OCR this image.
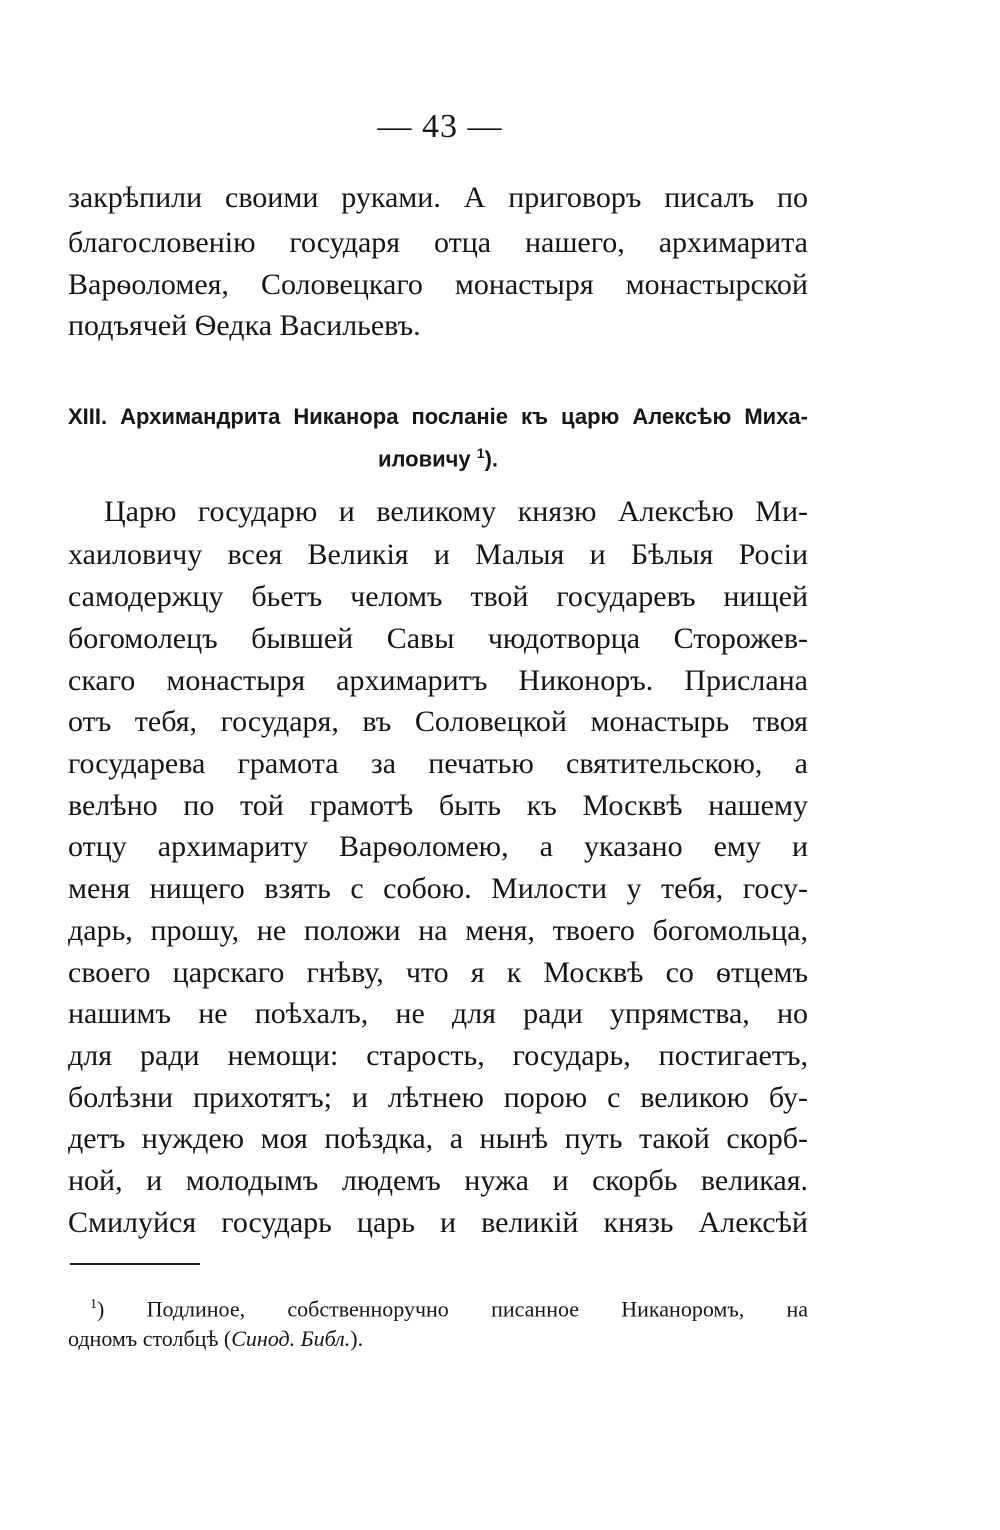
— 43 —
закрѣпили своими руками. А приговоръ писалъ по
благословенію государя отца нашего, архимарита
Варѳоломея, Соловецкаго монастыря монастырской
подъячей Ѳедка Васильевъ.
XIII. Архимандрита Никанора посланіе къ царю Алексѣю Миха-
иловичу $^1$).
Царю государю и великому князю Алексѣю Ми-
хаиловичу всея Великія и Малыя и Бѣлыя Росіи
самодержцу бьетъ челомъ твой государевъ нищей
богомолецъ бывшей Савы чюдотворца Сторожев-
скаго монастыря архимаритъ Никоноръ. Прислана
отъ тебя, государя, въ Соловецкой монастырь твоя
государева грамота за печатью святительскою, а
велѣно по той грамотѣ быть къ Москвѣ нашему
отцу архимариту Варѳоломею, а указано ему и
меня нищего взять с собою. Милости у тебя, госу-
дарь, прошу, не положи на меня, твоего богомольца,
своего царскаго гнѣву, что я к Москвѣ со ѳтцемъ
нашимъ не поѣхалъ, не для ради упрямства, но
для ради немощи: старость, государь, постигаетъ,
болѣзни прихотятъ; и лѣтнею порою с великою бу-
детъ нуждею моя поѣздка, а нынѣ путь такой скорб-
ной, и молодымъ людемъ нужа и скорбь великая.
Смилуйся государь царь и великій князь Алексѣй
$^1$) Подлиное, собственноручно писанное Никаноромъ, на
одномъ столбцѣ (Синод. Библ.).
